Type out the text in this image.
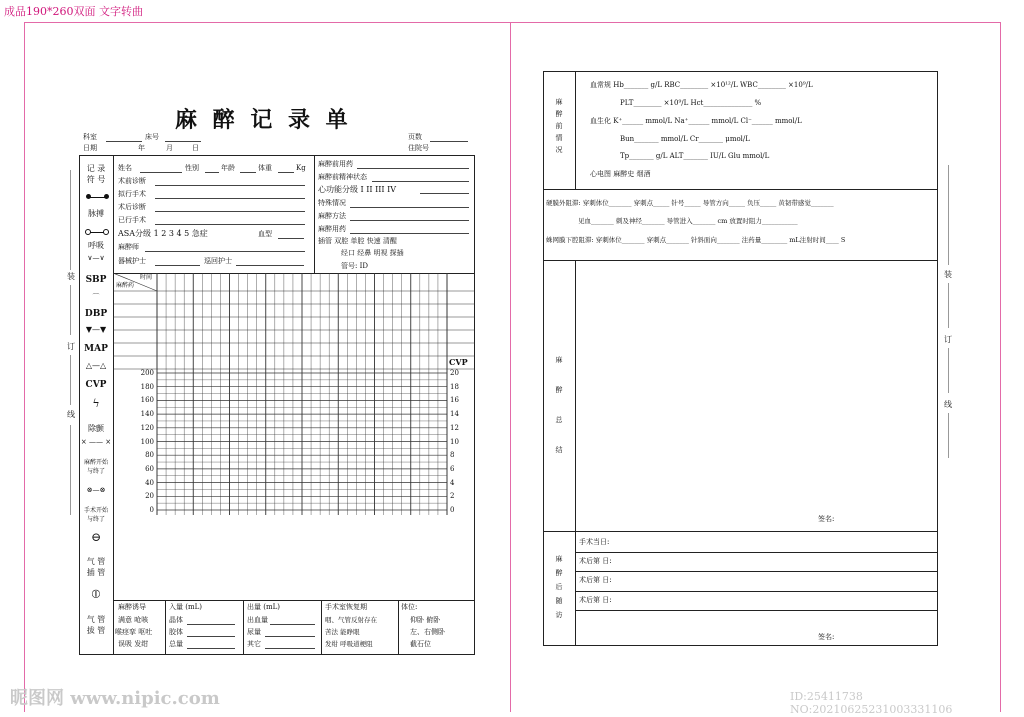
成品190*260双面 文字转曲
麻 醉 记 录 单
科室	床号	页数
日期	年	月	日	住院号
装
订
线
记 录
符 号
脉搏
呼吸
∨—∨
SBP
⌒
DBP
▼—▼
MAP
△—△
CVP
ϟ
除颤
× —— ×
麻醉开始
与终了
⊗—⊗
手术开始
与终了
⊖
气 管
插 管
⦶
气 管
拔 管
姓名	性别	年龄	体重	Kg
术前诊断
拟行手术
术后诊断
已行手术
ASA分级 1 2 3 4 5 急症	血型
麻醉师
器械护士	巡回护士
麻醉前用药
麻醉前精神状态
心功能分级 I II III IV
特殊情况
麻醉方法
麻醉用药
插管 双腔 单腔 快速 清醒
经口 经鼻 明视 探插
管号: ID
时间
麻醉药
200
180
160
140
120
100
80
60
40
20
0
CVP
20
18
16
14
12
10
8
6
4
2
0
麻醉诱导
满意 呛咳
喉痉挛 呕吐
误吸 发绀
入量 (mL)
晶体
胶体
总量
出量 (mL)
出血量
尿量
其它
手术室恢复期
咽、气管反射存在
苦法 能睁眼
发绀 呼吸道梗阻
体位:
仰卧 俯卧
左、右侧卧
截石位
麻
醉
前
情
况
血常规 Hb_______ g/L RBC________ ×10¹²/L WBC________ ×10⁹/L
PLT________ ×10⁹/L Hct______________ %
血生化 K⁺______ mmol/L Na⁺______ mmol/L Cl⁻______ mmol/L
Bun_______ mmol/L Cr_______ μmol/L
Tp_______ g/L ALT_______ IU/L Glu mmol/L
心电图 麻醉史 烟酒
硬膜外阻滞: 穿刺体位_______ 穿刺点_____ 针号_____ 导管方向_____ 负压_____ 黄韧带感觉_______
见血_______ 刺及神经_______ 导管进入_______ cm 放置时阻力___________
蛛网膜下腔阻滞: 穿刺体位_______ 穿刺点_______ 针斜面向_______ 注药量________ mL注射时间____ S
麻
醉
总
结
签名:
麻
醉
后
随
访
手术当日:
术后第 日:
术后第 日:
术后第 日:
签名:
装
订
线
昵图网 www.nipic.com	ID:25411738 NO:20210625231003331106
